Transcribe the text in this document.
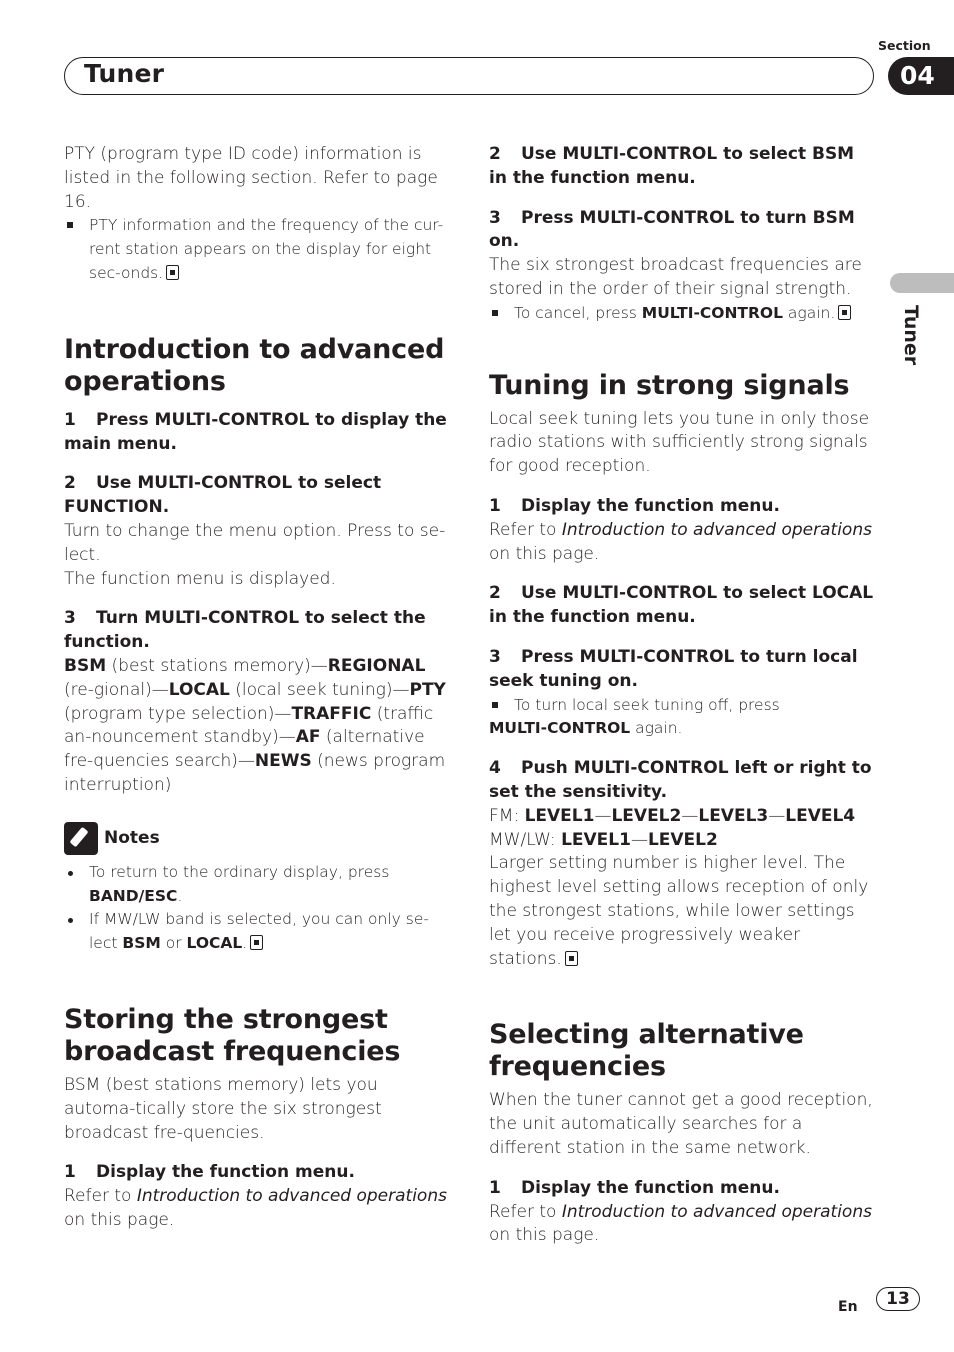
Tuner
Section
04
Tuner

PTY (program type ID code) information is listed in the following section. Refer to page 16.

PTY information and the frequency of the cur-rent station appears on the display for eight sec-onds.

Introduction to advanced operations

1 Press MULTI-CONTROL to display the main menu.

2 Use MULTI-CONTROL to select FUNCTION.

Turn to change the menu option. Press to se-lect.

The function menu is displayed.

3 Turn MULTI-CONTROL to select the function.

BSM (best stations memory)—REGIONAL (re-gional)—LOCAL (local seek tuning)—PTY (program type selection)—TRAFFIC (traffic an-nouncement standby)—AF (alternative fre-quencies search)—NEWS (news program interruption)

Notes

To return to the ordinary display, press BAND/ESC.

If MW/LW band is selected, you can only se-lect BSM or LOCAL.

Storing the strongest broadcast frequencies

BSM (best stations memory) lets you automa-tically store the six strongest broadcast fre-quencies.

1 Display the function menu.

Refer to Introduction to advanced operations on this page.

2 Use MULTI-CONTROL to select BSM in the function menu.

3 Press MULTI-CONTROL to turn BSM on.

The six strongest broadcast frequencies are stored in the order of their signal strength.

To cancel, press MULTI-CONTROL again.

Tuning in strong signals

Local seek tuning lets you tune in only those radio stations with sufficiently strong signals for good reception.

1 Display the function menu.

Refer to Introduction to advanced operations on this page.

2 Use MULTI-CONTROL to select LOCAL in the function menu.

3 Press MULTI-CONTROL to turn local seek tuning on.

To turn local seek tuning off, press

MULTI-CONTROL again.

4 Push MULTI-CONTROL left or right to set the sensitivity.

FM: LEVEL1—LEVEL2—LEVEL3—LEVEL4

MW/LW: LEVEL1—LEVEL2

Larger setting number is higher level. The highest level setting allows reception of only the strongest stations, while lower settings let you receive progressively weaker stations.

Selecting alternative frequencies

When the tuner cannot get a good reception, the unit automatically searches for a different station in the same network.

1 Display the function menu.

Refer to Introduction to advanced operations on this page.

En	13
